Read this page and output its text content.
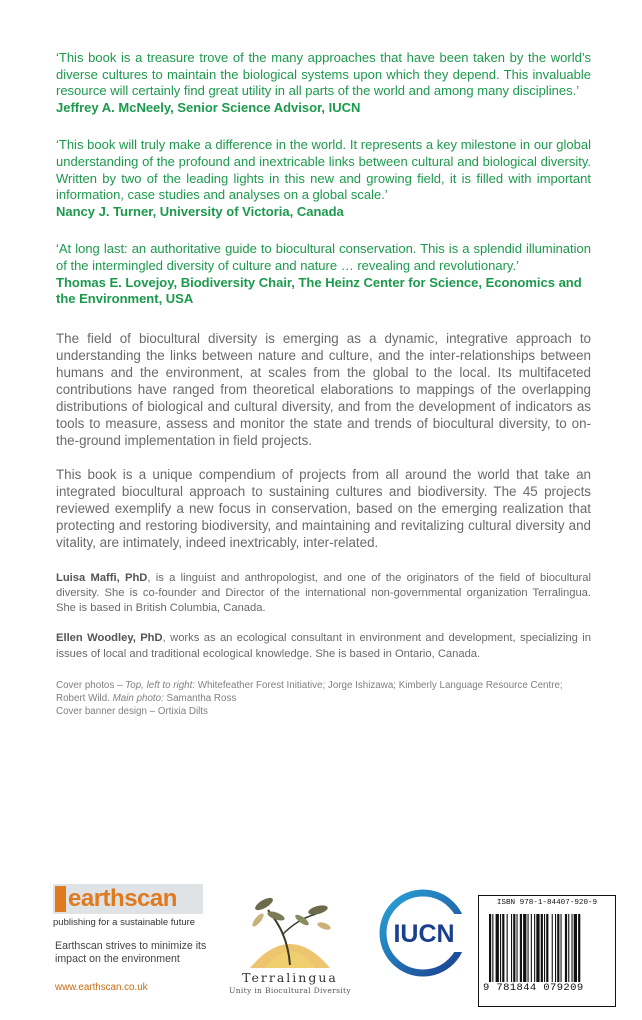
‘This book is a treasure trove of the many approaches that have been taken by the world’s diverse cultures to maintain the biological systems upon which they depend. This invaluable resource will certainly find great utility in all parts of the world and among many disciplines.’

Jeffrey A. McNeely, Senior Science Advisor, IUCN

‘This book will truly make a difference in the world. It represents a key milestone in our global understanding of the profound and inextricable links between cultural and biological diversity. Written by two of the leading lights in this new and growing field, it is filled with important information, case studies and analyses on a global scale.’

Nancy J. Turner, University of Victoria, Canada

‘At long last: an authoritative guide to biocultural conservation. This is a splendid illumination of the intermingled diversity of culture and nature … revealing and revolutionary.’

Thomas E. Lovejoy, Biodiversity Chair, The Heinz Center for Science, Economics and the Environment, USA

The field of biocultural diversity is emerging as a dynamic, integrative approach to understanding the links between nature and culture, and the inter-relationships between humans and the environment, at scales from the global to the local. Its multifaceted contributions have ranged from theoretical elaborations to mappings of the overlapping distributions of biological and cultural diversity, and from the development of indicators as tools to measure, assess and monitor the state and trends of biocultural diversity, to on-the-ground implementation in field projects.

This book is a unique compendium of projects from all around the world that take an integrated biocultural approach to sustaining cultures and biodiversity. The 45 projects reviewed exemplify a new focus in conservation, based on the emerging realization that protecting and restoring biodiversity, and maintaining and revitalizing cultural diversity and vitality, are intimately, indeed inextricably, inter-related.

Luisa Maffi, PhD, is a linguist and anthropologist, and one of the originators of the field of biocultural diversity. She is co-founder and Director of the international non-governmental organization Terralingua. She is based in British Columbia, Canada.

Ellen Woodley, PhD, works as an ecological consultant in environment and development, specializing in issues of local and traditional ecological knowledge. She is based in Ontario, Canada.

Cover photos – Top, left to right: Whitefeather Forest Initiative; Jorge Ishizawa; Kimberly Language Resource Centre; Robert Wild. Main photo: Samantha Ross

Cover banner design – Ortixia Dilts

earthscan
publishing for a sustainable future
Earthscan strives to minimize its impact on the environment
www.earthscan.co.uk
Terralingua
Unity in Biocultural Diversity
IUCN
ISBN 978-1-84407-920-9
9 781844 079209
